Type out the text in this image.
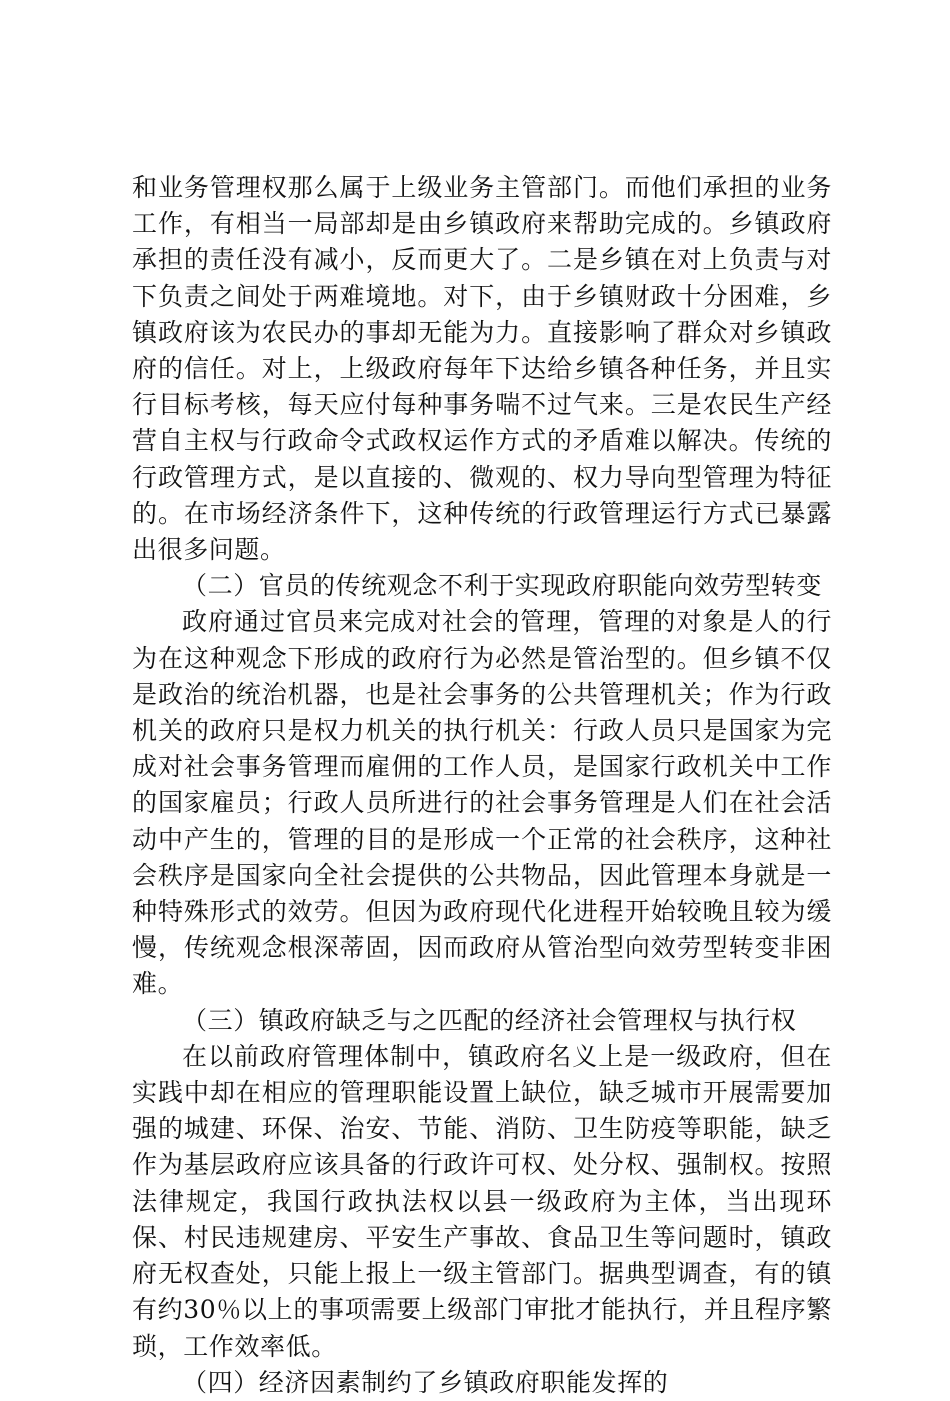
和业务管理权那么属于上级业务主管部门。而他们承担的业务工作，有相当一局部却是由乡镇政府来帮助完成的。乡镇政府承担的责任没有减小，反而更大了。二是乡镇在对上负责与对下负责之间处于两难境地。对下，由于乡镇财政十分困难，乡镇政府该为农民办的事却无能为力。直接影响了群众对乡镇政府的信任。对上，上级政府每年下达给乡镇各种任务，并且实行目标考核，每天应付每种事务喘不过气来。三是农民生产经营自主权与行政命令式政权运作方式的矛盾难以解决。传统的行政管理方式，是以直接的、微观的、权力导向型管理为特征的。在市场经济条件下，这种传统的行政管理运行方式已暴露出很多问题。

（二）官员的传统观念不利于实现政府职能向效劳型转变

政府通过官员来完成对社会的管理，管理的对象是人的行为在这种观念下形成的政府行为必然是管治型的。但乡镇不仅是政治的统治机器，也是社会事务的公共管理机关；作为行政机关的政府只是权力机关的执行机关：行政人员只是国家为完成对社会事务管理而雇佣的工作人员，是国家行政机关中工作的国家雇员；行政人员所进行的社会事务管理是人们在社会活动中产生的，管理的目的是形成一个正常的社会秩序，这种社会秩序是国家向全社会提供的公共物品，因此管理本身就是一种特殊形式的效劳。但因为政府现代化进程开始较晚且较为缓慢，传统观念根深蒂固，因而政府从管治型向效劳型转变非困难。

（三）镇政府缺乏与之匹配的经济社会管理权与执行权

在以前政府管理体制中，镇政府名义上是一级政府，但在实践中却在相应的管理职能设置上缺位，缺乏城市开展需要加强的城建、环保、治安、节能、消防、卫生防疫等职能，缺乏作为基层政府应该具备的行政许可权、处分权、强制权。按照法律规定，我国行政执法权以县一级政府为主体，当出现环保、村民违规建房、平安生产事故、食品卫生等问题时，镇政府无权查处，只能上报上一级主管部门。据典型调查，有的镇有约30％以上的事项需要上级部门审批才能执行，并且程序繁琐，工作效率低。

（四）经济因素制约了乡镇政府职能发挥的
